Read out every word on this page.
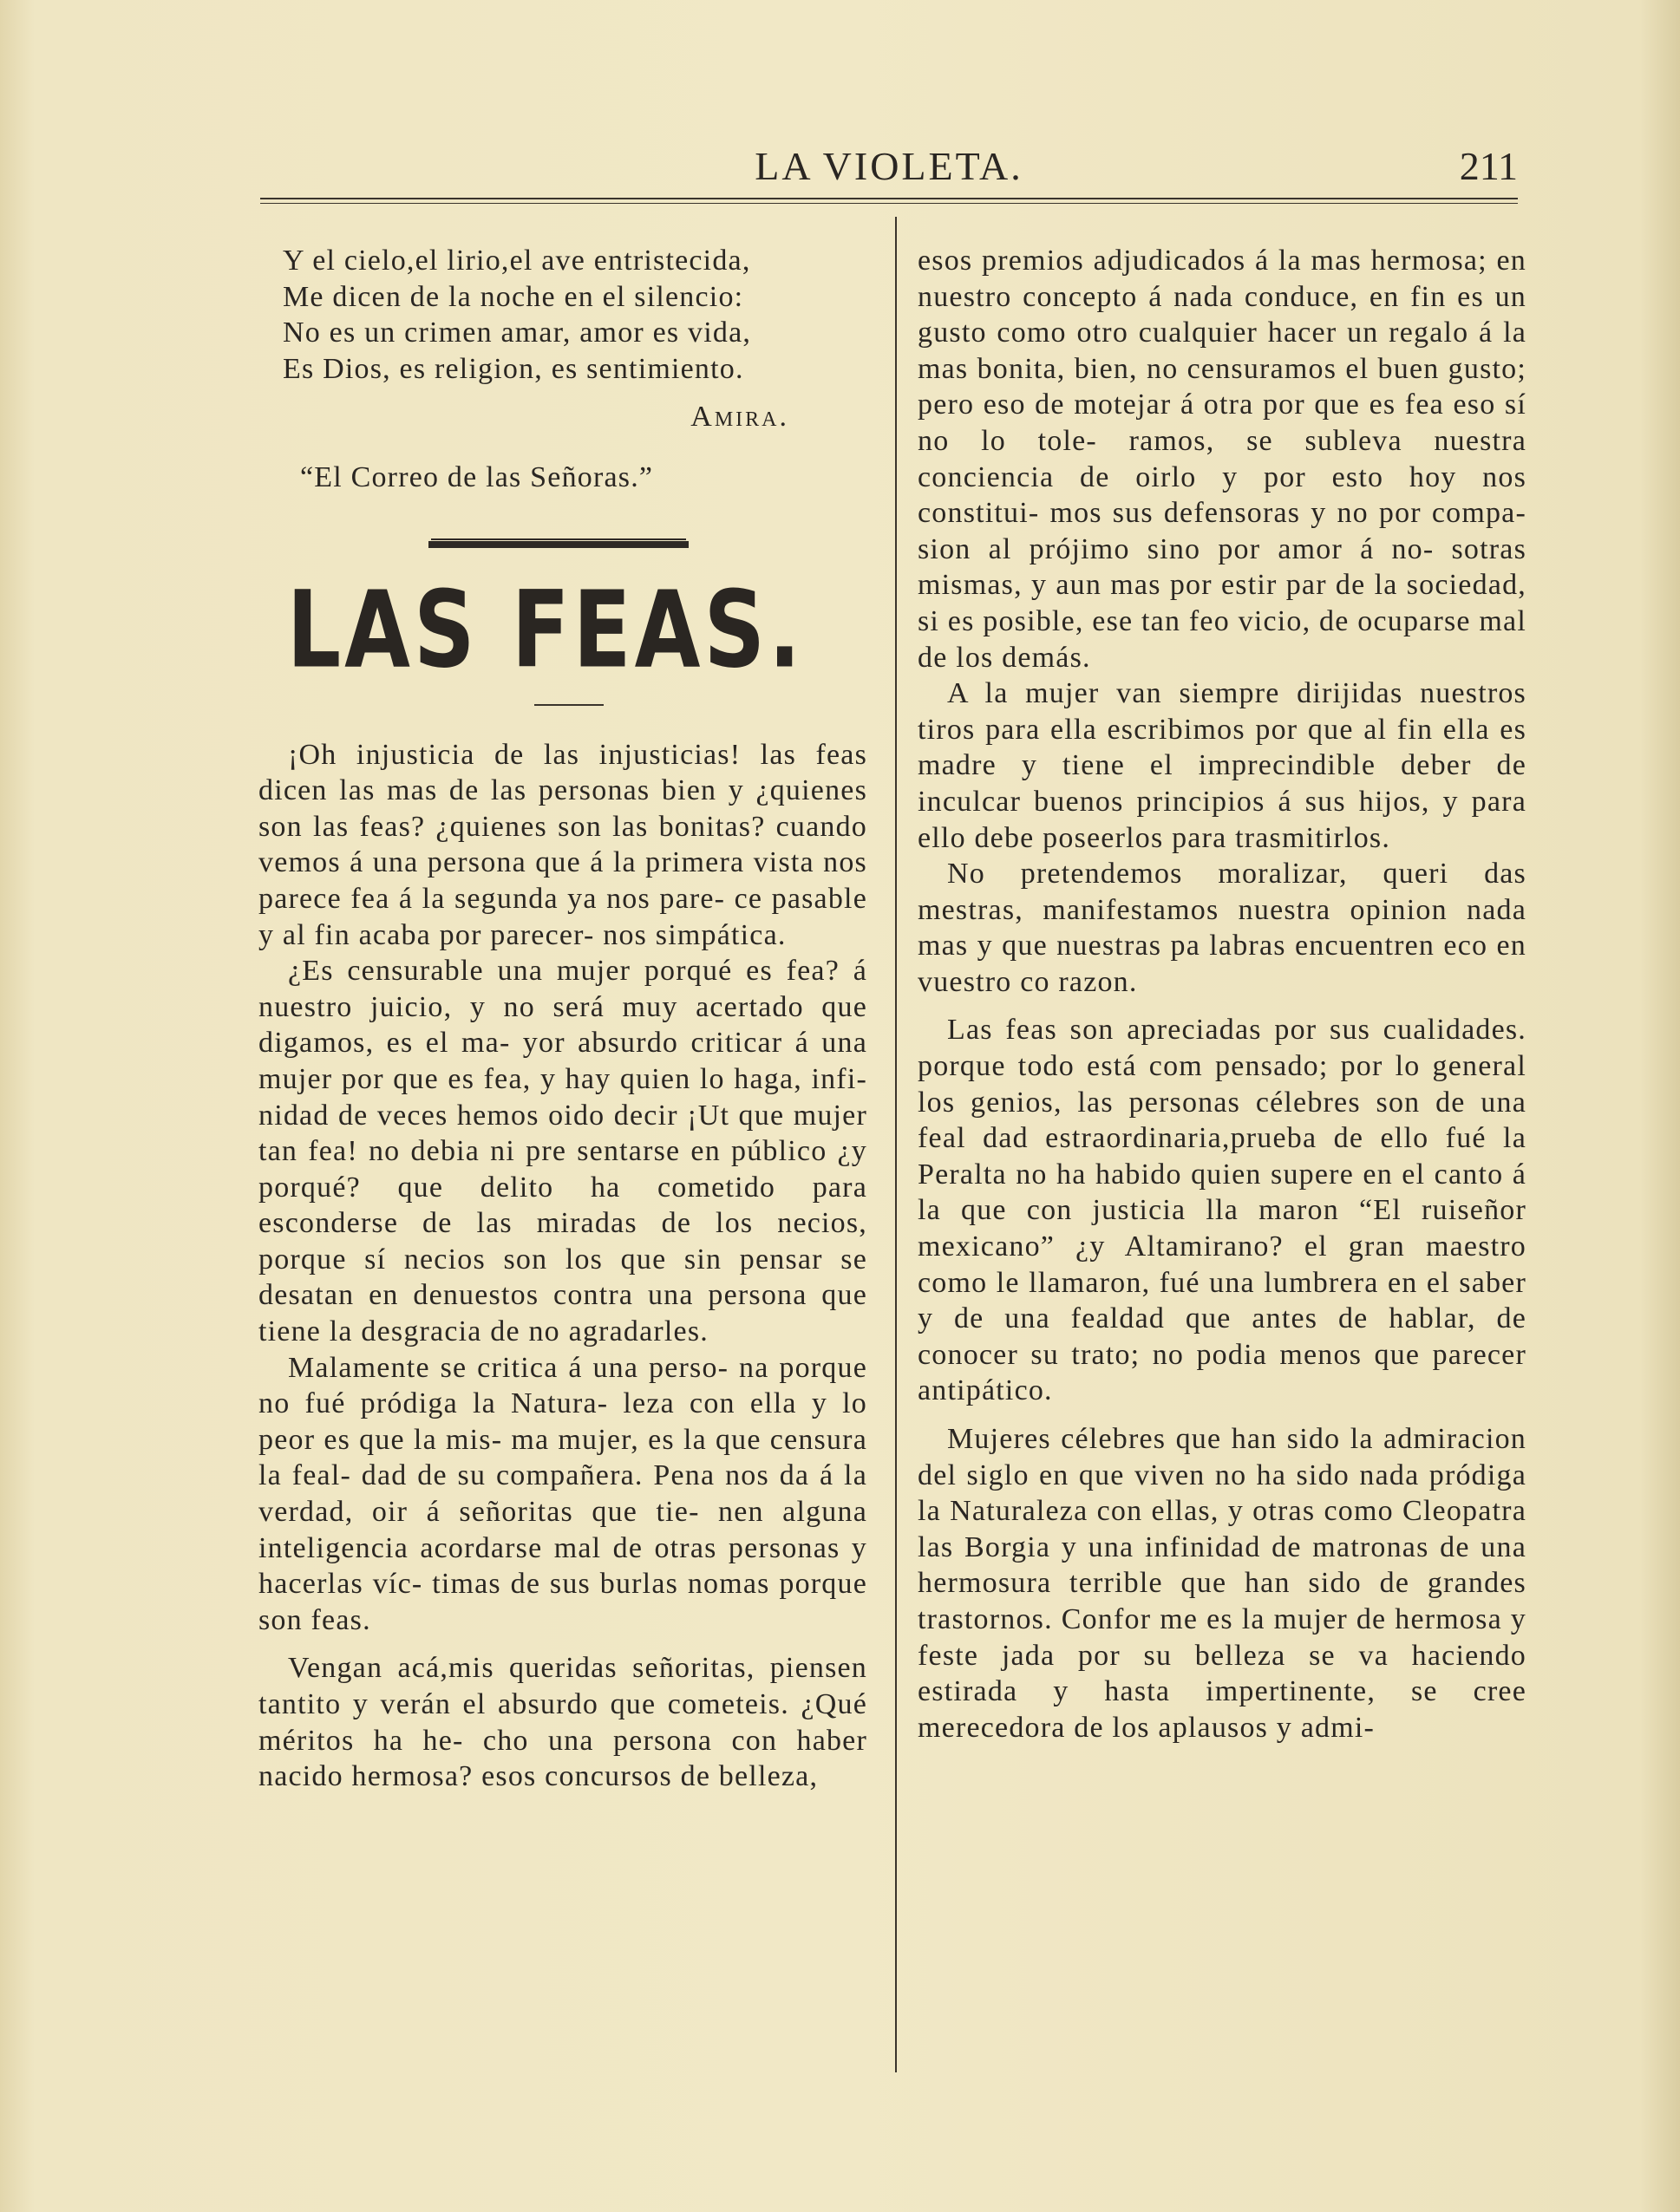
LA VIOLETA.	211
Y el cielo,el lirio,el ave entristecida,
Me dicen de la noche en el silencio:
No es un crimen amar, amor es vida,
Es Dios, es religion, es sentimiento.
Amira.
“El Correo de las Señoras.”
LAS FEAS.

¡Oh injusticia de las injusticias! las feas dicen las mas de las personas bien y ¿quienes son las feas? ¿quienes son las bonitas? cuando vemos á una persona que á la primera vista nos parece fea á la segunda ya nos pare- ce pasable y al fin acaba por parecer- nos simpática.

¿Es censurable una mujer porqué es fea? á nuestro juicio, y no será muy acertado que digamos, es el ma- yor absurdo criticar á una mujer por que es fea, y hay quien lo haga, infi- nidad de veces hemos oido decir ¡Ut que mujer tan fea! no debia ni pre sentarse en público ¿y porqué? que delito ha cometido para esconderse de las miradas de los necios, porque sí necios son los que sin pensar se desatan en denuestos contra una persona que tiene la desgracia de no agradarles.

Malamente se critica á una perso- na porque no fué pródiga la Natura- leza con ella y lo peor es que la mis- ma mujer, es la que censura la feal- dad de su compañera. Pena nos da á la verdad, oir á señoritas que tie- nen alguna inteligencia acordarse mal de otras personas y hacerlas víc- timas de sus burlas nomas porque son feas.

Vengan acá,mis queridas señoritas, piensen tantito y verán el absurdo que cometeis. ¿Qué méritos ha he- cho una persona con haber nacido hermosa? esos concursos de belleza,

esos premios adjudicados á la mas hermosa; en nuestro concepto á nada conduce, en fin es un gusto como otro cualquier hacer un regalo á la mas bonita, bien, no censuramos el buen gusto; pero eso de motejar á otra por que es fea eso sí no lo tole- ramos, se subleva nuestra conciencia de oirlo y por esto hoy nos constitui- mos sus defensoras y no por compa- sion al prójimo sino por amor á no- sotras mismas, y aun mas por estir par de la sociedad, si es posible, ese tan feo vicio, de ocuparse mal de los demás.

A la mujer van siempre dirijidas nuestros tiros para ella escribimos por que al fin ella es madre y tiene el imprecindible deber de inculcar buenos principios á sus hijos, y para ello debe poseerlos para trasmitirlos.

No pretendemos moralizar, queri das mestras, manifestamos nuestra opinion nada mas y que nuestras pa labras encuentren eco en vuestro co razon.

Las feas son apreciadas por sus cualidades. porque todo está com pensado; por lo general los genios, las personas célebres son de una feal dad estraordinaria,prueba de ello fué la Peralta no ha habido quien supere en el canto á la que con justicia lla maron “El ruiseñor mexicano” ¿y Altamirano? el gran maestro como le llamaron, fué una lumbrera en el saber y de una fealdad que antes de hablar, de conocer su trato; no podia menos que parecer antipático.

Mujeres célebres que han sido la admiracion del siglo en que viven no ha sido nada pródiga la Naturaleza con ellas, y otras como Cleopatra las Borgia y una infinidad de matronas de una hermosura terrible que han sido de grandes trastornos. Confor me es la mujer de hermosa y feste jada por su belleza se va haciendo estirada y hasta impertinente, se cree merecedora de los aplausos y admi-
